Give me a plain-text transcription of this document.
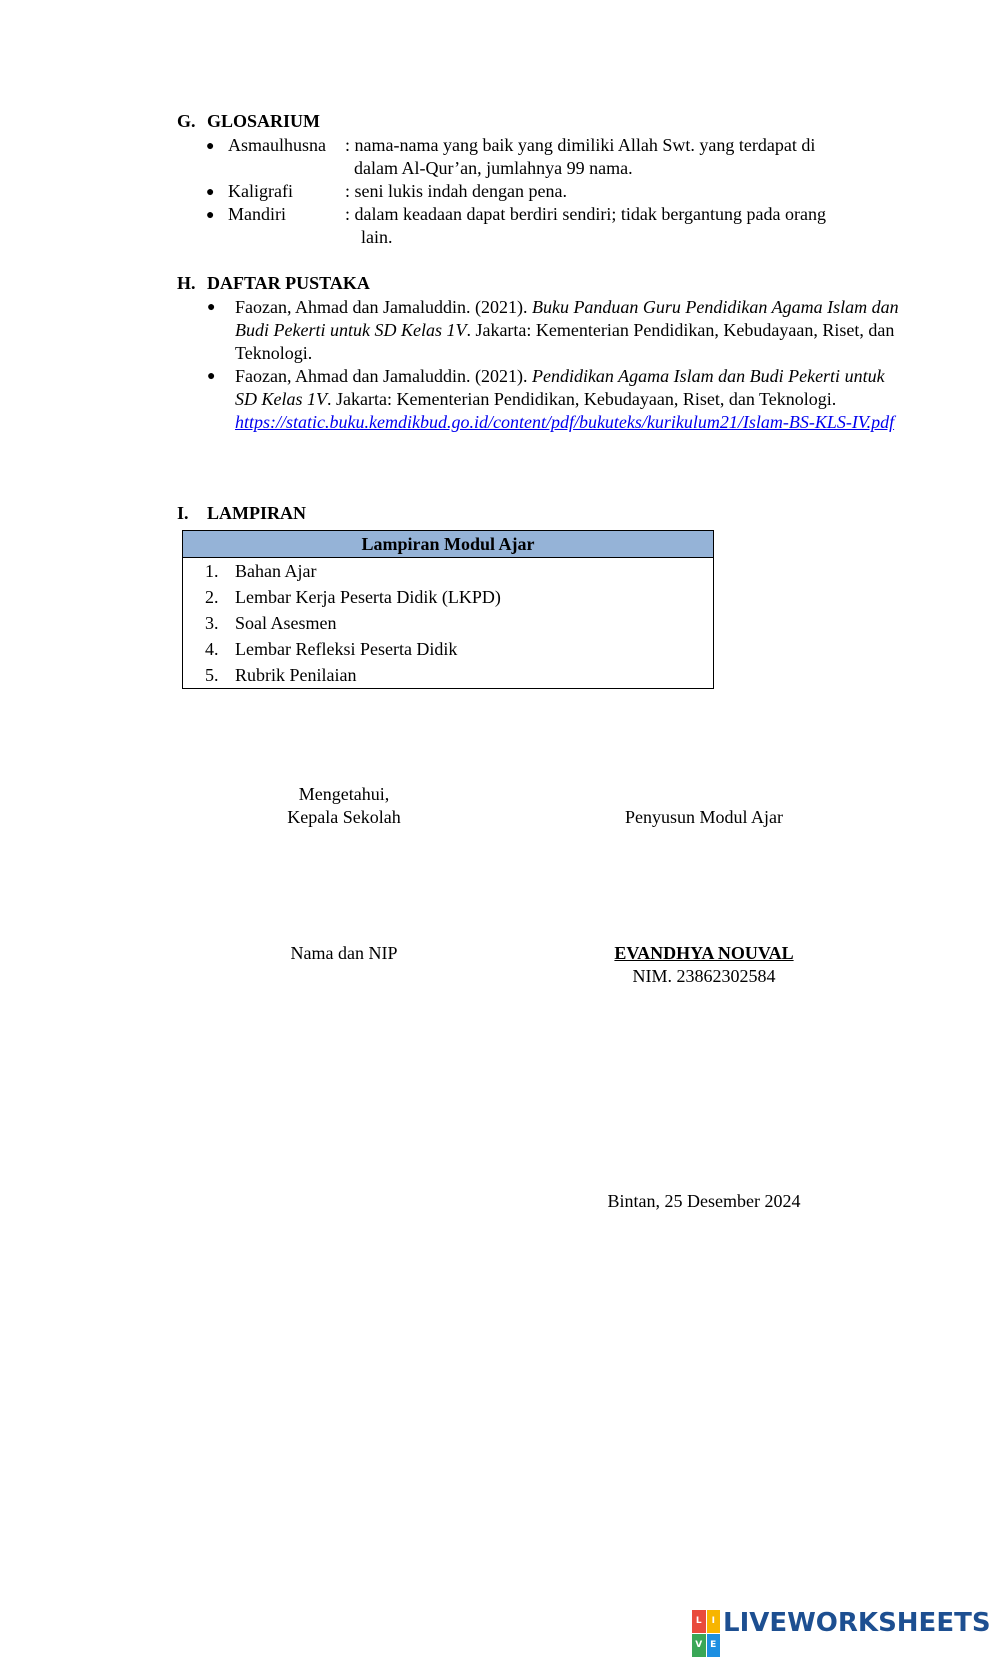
G. GLOSARIUM
● Asmaulhusna : nama-nama yang baik yang dimiliki Allah Swt. yang terdapat di
dalam Al-Qur’an, jumlahnya 99 nama.
● Kaligrafi	: seni lukis indah dengan pena.
● Mandiri	: dalam keadaan dapat berdiri sendiri; tidak bergantung pada orang
lain.
H. DAFTAR PUSTAKA
● Faozan, Ahmad dan Jamaluddin. (2021). Buku Panduan Guru Pendidikan Agama Islam dan Budi Pekerti untuk SD Kelas 1V. Jakarta: Kementerian Pendidikan, Kebudayaan, Riset, dan Teknologi.
● Faozan, Ahmad dan Jamaluddin. (2021). Pendidikan Agama Islam dan Budi Pekerti untuk SD Kelas 1V. Jakarta: Kementerian Pendidikan, Kebudayaan, Riset, dan Teknologi.
https://static.buku.kemdikbud.go.id/content/pdf/bukuteks/kurikulum21/Islam-BS-KLS-IV.pdf
I. LAMPIRAN
Lampiran Modul Ajar
1. Bahan Ajar
2. Lembar Kerja Peserta Didik (LKPD)
3. Soal Asesmen
4. Lembar Refleksi Peserta Didik
5. Rubrik Penilaian
Mengetahui,
Kepala Sekolah	Penyusun Modul Ajar
Nama dan NIP	EVANDHYA NOUVAL
NIM. 23862302584
Bintan, 25 Desember 2024
L	I
V E
LIVEWORKSHEETS
